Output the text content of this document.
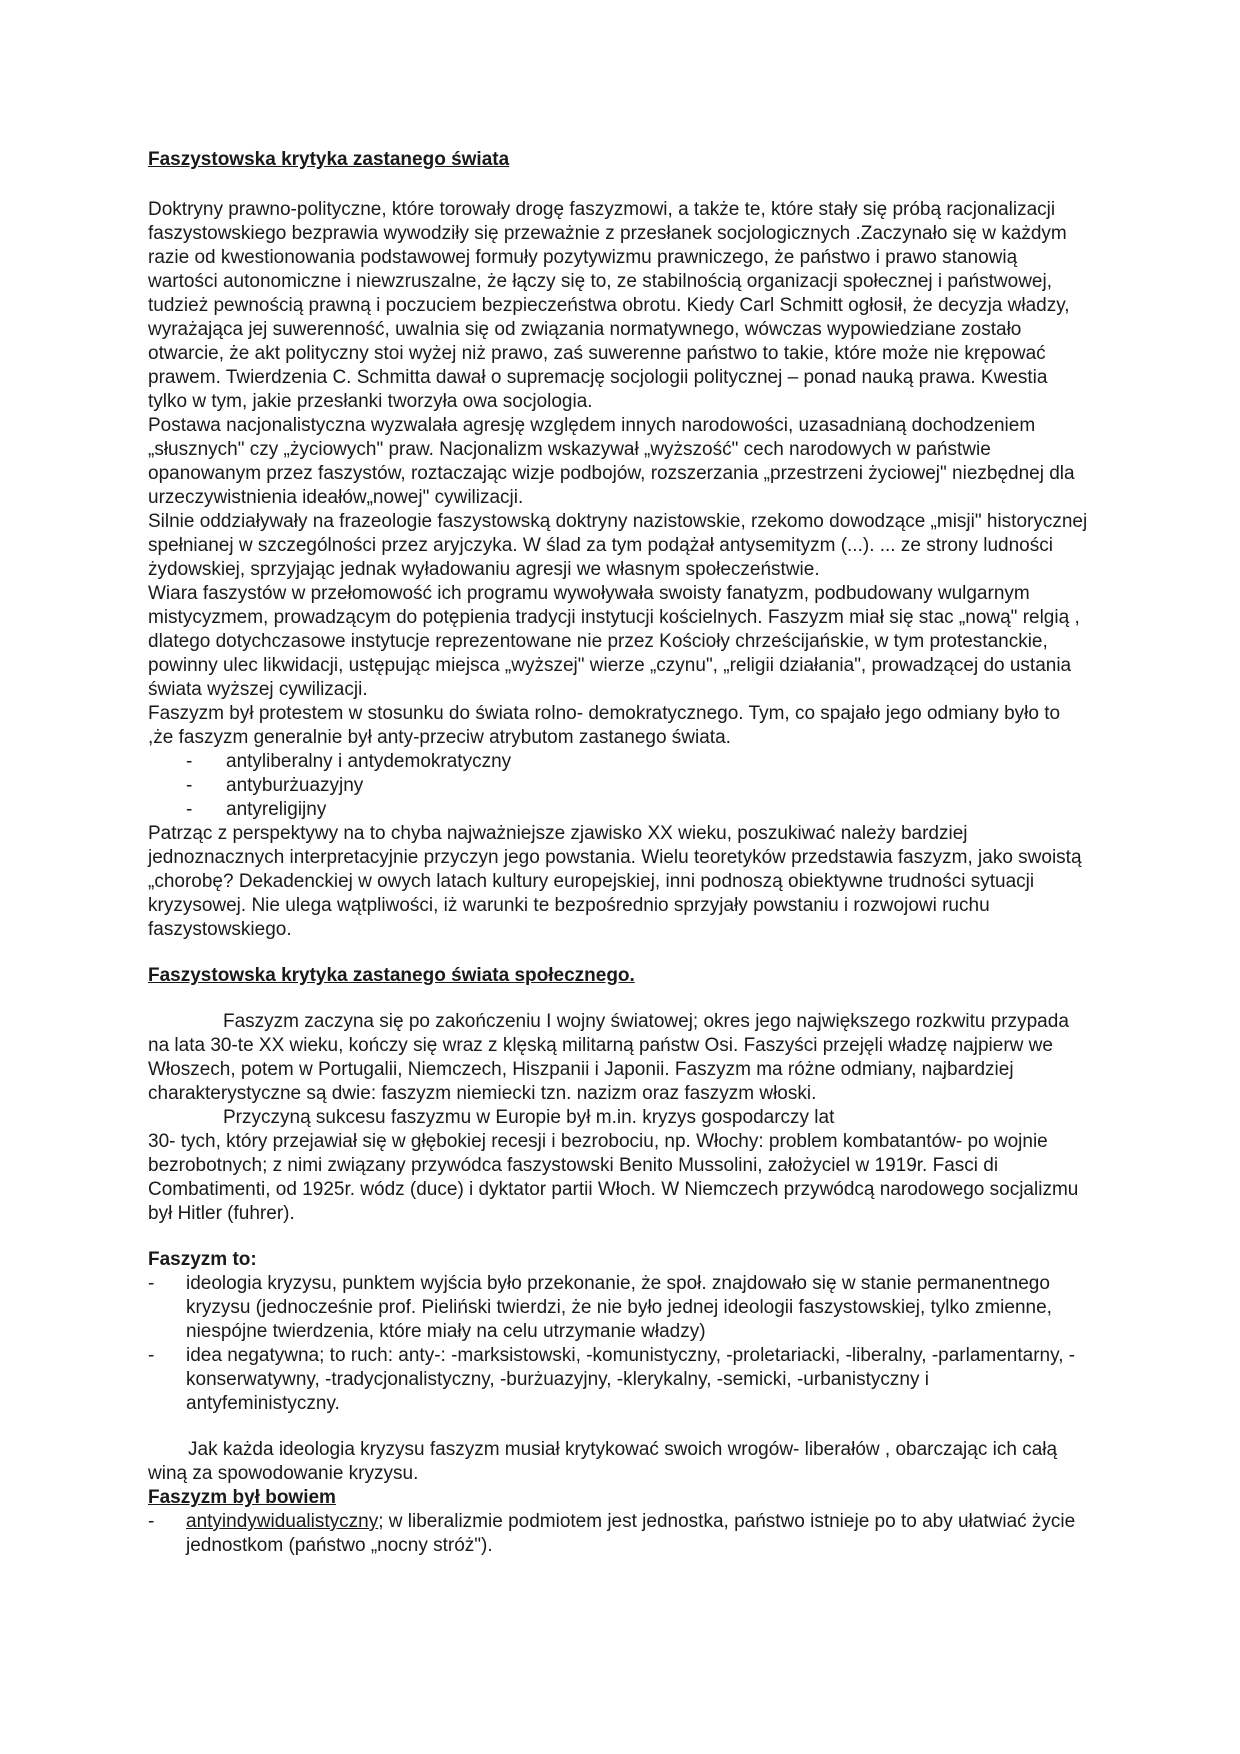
Faszystowska krytyka zastanego świata

Doktryny prawno-polityczne, które torowały drogę faszyzmowi, a także te, które stały się próbą racjonalizacji faszystowskiego bezprawia wywodziły się przeważnie z przesłanek socjologicznych .Zaczynało się w każdym razie od kwestionowania podstawowej formuły pozytywizmu prawniczego, że państwo i prawo stanowią wartości autonomiczne i niewzruszalne, że łączy się to, ze stabilnością organizacji społecznej i państwowej, tudzież pewnością prawną i poczuciem bezpieczeństwa obrotu. Kiedy Carl Schmitt ogłosił, że decyzja władzy, wyrażająca jej suwerenność, uwalnia się od związania normatywnego, wówczas wypowiedziane zostało otwarcie, że akt polityczny stoi wyżej niż prawo, zaś suwerenne państwo to takie, które może nie krępować prawem. Twierdzenia C. Schmitta dawał o supremację socjologii politycznej – ponad nauką prawa. Kwestia tylko w tym, jakie przesłanki tworzyła owa socjologia.

Postawa nacjonalistyczna wyzwalała agresję względem innych narodowości, uzasadnianą dochodzeniem „słusznych" czy „życiowych" praw. Nacjonalizm wskazywał „wyższość" cech narodowych w państwie opanowanym przez faszystów, roztaczając wizje podbojów, rozszerzania „przestrzeni życiowej" niezbędnej dla urzeczywistnienia ideałów„nowej" cywilizacji.

Silnie oddziaływały na frazeologie faszystowską doktryny nazistowskie, rzekomo dowodzące „misji" historycznej spełnianej w szczególności przez aryjczyka. W ślad za tym podążał antysemityzm (...). ... ze strony ludności żydowskiej, sprzyjając jednak wyładowaniu agresji we własnym społeczeństwie.

Wiara faszystów w przełomowość ich programu wywoływała swoisty fanatyzm, podbudowany wulgarnym mistycyzmem, prowadzącym do potępienia tradycji instytucji kościelnych. Faszyzm miał się stac „nową" relgią , dlatego dotychczasowe instytucje reprezentowane nie przez Kościoły chrześcijańskie, w tym protestanckie, powinny ulec likwidacji, ustępując miejsca „wyższej" wierze „czynu", „religii działania", prowadzącej do ustania świata wyższej cywilizacji.

Faszyzm był protestem w stosunku do świata rolno- demokratycznego. Tym, co spajało jego odmiany było to ,że faszyzm generalnie był anty-przeciw atrybutom zastanego świata.

- antyliberalny i antydemokratyczny
- antyburżuazyjny
- antyreligijny

Patrząc z perspektywy na to chyba najważniejsze zjawisko XX wieku, poszukiwać należy bardziej jednoznacznych interpretacyjnie przyczyn jego powstania. Wielu teoretyków przedstawia faszyzm, jako swoistą „chorobę? Dekadenckiej w owych latach kultury europejskiej, inni podnoszą obiektywne trudności sytuacji kryzysowej. Nie ulega wątpliwości, iż warunki te bezpośrednio sprzyjały powstaniu i rozwojowi ruchu faszystowskiego.

Faszystowska krytyka zastanego świata społecznego.

Faszyzm zaczyna się po zakończeniu I wojny światowej; okres jego największego rozkwitu przypada na lata 30-te XX wieku, kończy się wraz z klęską militarną państw Osi. Faszyści przejęli władzę najpierw we Włoszech, potem w Portugalii, Niemczech, Hiszpanii i Japonii. Faszyzm ma różne odmiany, najbardziej charakterystyczne są dwie: faszyzm niemiecki tzn. nazizm oraz faszyzm włoski.

Przyczyną sukcesu faszyzmu w Europie był m.in. kryzys gospodarczy lat

30- tych, który przejawiał się w głębokiej recesji i bezrobociu, np. Włochy: problem kombatantów- po wojnie bezrobotnych; z nimi związany przywódca faszystowski Benito Mussolini, założyciel w 1919r. Fasci di Combatimenti, od 1925r. wódz (duce) i dyktator partii Włoch. W Niemczech przywódcą narodowego socjalizmu był Hitler (fuhrer).

Faszyzm to:

- ideologia kryzysu, punktem wyjścia było przekonanie, że społ. znajdowało się w stanie permanentnego kryzysu (jednocześnie prof. Pieliński twierdzi, że nie było jednej ideologii faszystowskiej, tylko zmienne, niespójne twierdzenia, które miały na celu utrzymanie władzy)
- idea negatywna; to ruch: anty-: -marksistowski, -komunistyczny, -proletariacki, -liberalny, -parlamentarny, -konserwatywny, -tradycjonalistyczny, -burżuazyjny, -klerykalny, -semicki, -urbanistyczny i antyfeministyczny.

Jak każda ideologia kryzysu faszyzm musiał krytykować swoich wrogów- liberałów , obarczając ich całą winą za spowodowanie kryzysu.

Faszyzm był bowiem

- antyindywidualistyczny; w liberalizmie podmiotem jest jednostka, państwo istnieje po to aby ułatwiać życie jednostkom (państwo „nocny stróż").
